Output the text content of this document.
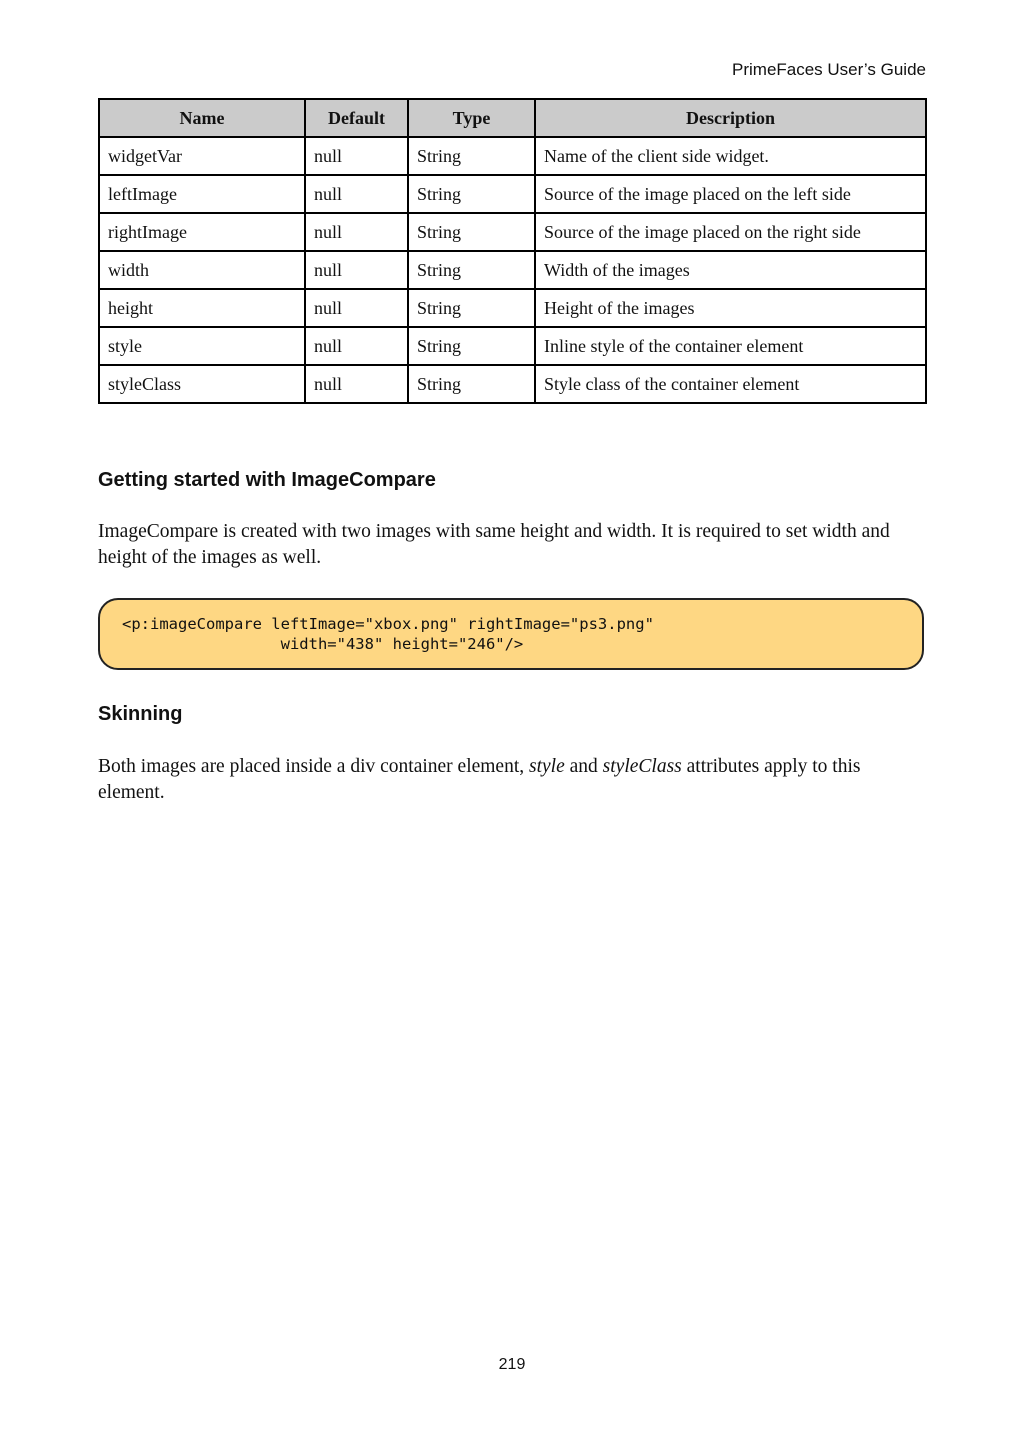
PrimeFaces User’s Guide
Name	Default	Type	Description
widgetVar	null	String	Name of the client side widget.
leftImage	null	String	Source of the image placed on the left side
rightImage	null	String	Source of the image placed on the right side
width	null	String	Width of the images
height	null	String	Height of the images
style	null	String	Inline style of the container element
styleClass	null	String	Style class of the container element
Getting started with ImageCompare

ImageCompare is created with two images with same height and width. It is required to set width and height of the images as well.

<p:imageCompare leftImage="xbox.png" rightImage="ps3.png"
width="438" height="246"/>
Skinning

Both images are placed inside a div container element, style and styleClass attributes apply to this element.

219
